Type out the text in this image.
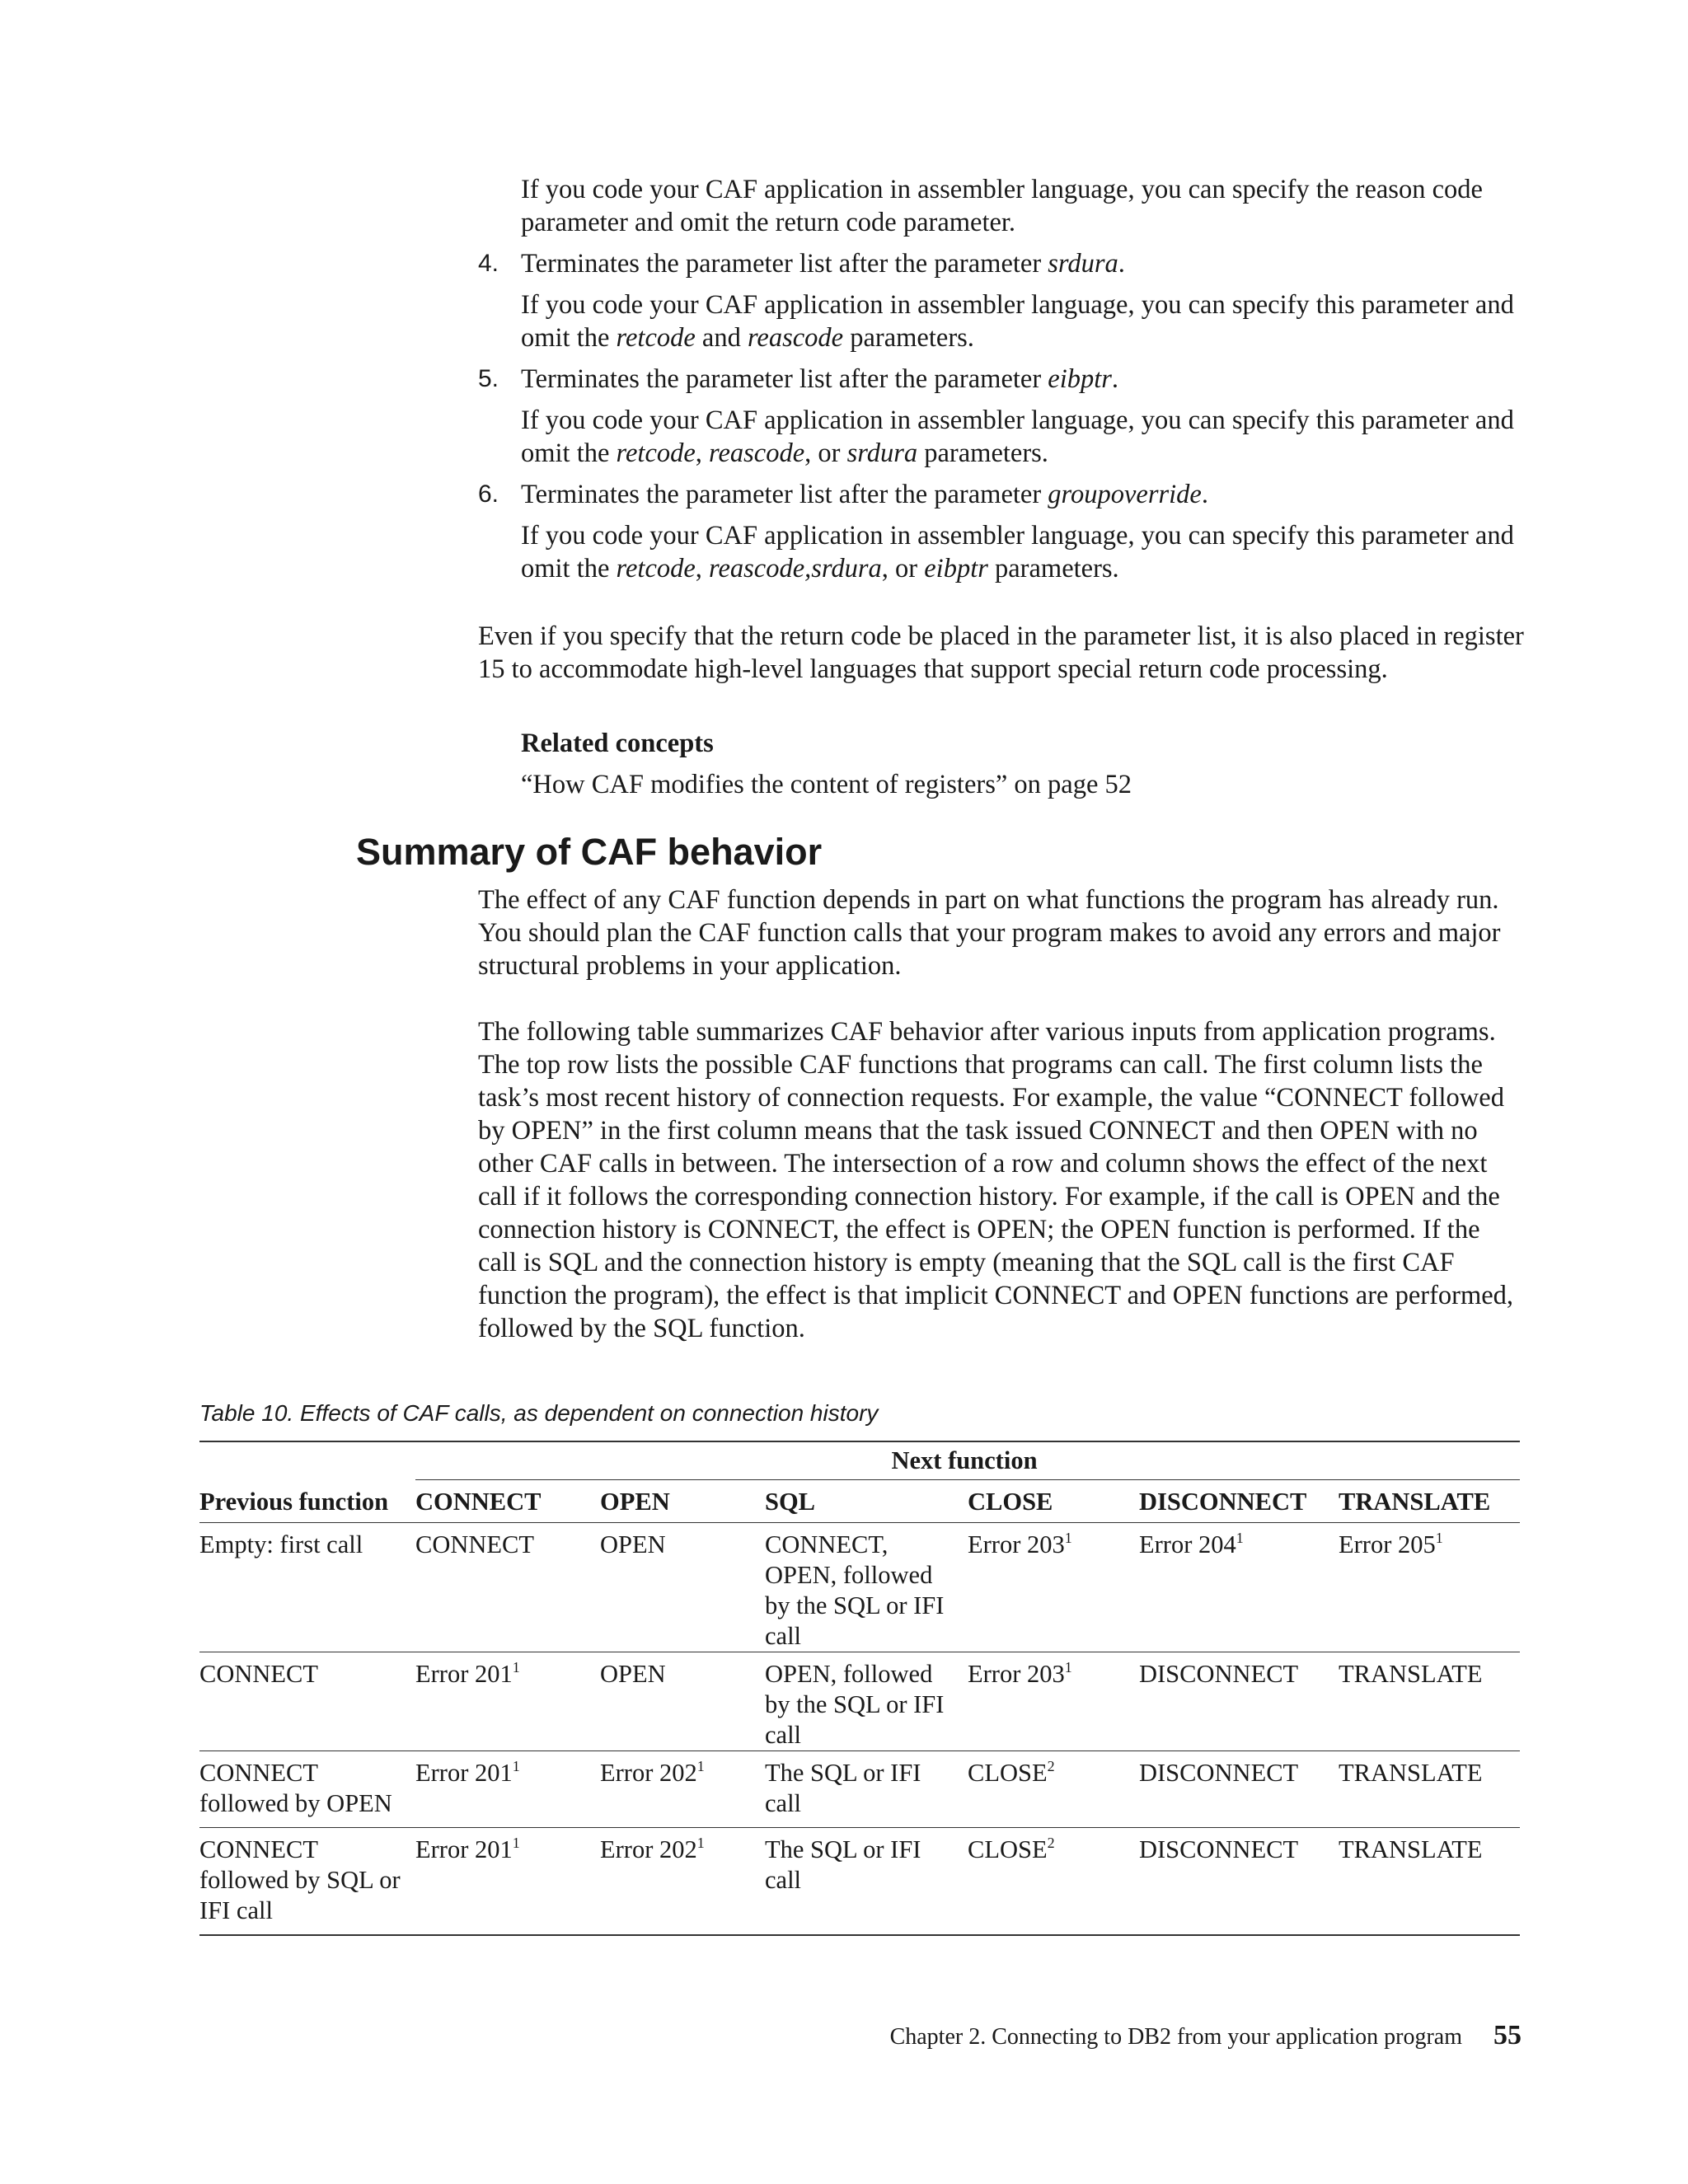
If you code your CAF application in assembler language, you can specify the reason code parameter and omit the return code parameter.

4. Terminates the parameter list after the parameter srdura.

If you code your CAF application in assembler language, you can specify this parameter and omit the retcode and reascode parameters.

5. Terminates the parameter list after the parameter eibptr.

If you code your CAF application in assembler language, you can specify this parameter and omit the retcode, reascode, or srdura parameters.

6. Terminates the parameter list after the parameter groupoverride.

If you code your CAF application in assembler language, you can specify this parameter and omit the retcode, reascode,srdura, or eibptr parameters.

Even if you specify that the return code be placed in the parameter list, it is also placed in register 15 to accommodate high-level languages that support special return code processing.

Related concepts

“How CAF modifies the content of registers” on page 52

Summary of CAF behavior

The effect of any CAF function depends in part on what functions the program has already run. You should plan the CAF function calls that your program makes to avoid any errors and major structural problems in your application.

The following table summarizes CAF behavior after various inputs from application programs. The top row lists the possible CAF functions that programs can call. The first column lists the task’s most recent history of connection requests. For example, the value “CONNECT followed by OPEN” in the first column means that the task issued CONNECT and then OPEN with no other CAF calls in between. The intersection of a row and column shows the effect of the next call if it follows the corresponding connection history. For example, if the call is OPEN and the connection history is CONNECT, the effect is OPEN; the OPEN function is performed. If the call is SQL and the connection history is empty (meaning that the SQL call is the first CAF function the program), the effect is that implicit CONNECT and OPEN functions are performed, followed by the SQL function.

Table 10. Effects of CAF calls, as dependent on connection history
Previous function	Next function					
	CONNECT	OPEN	SQL	CLOSE	DISCONNECT	TRANSLATE
Empty: first call	CONNECT	OPEN	CONNECT, OPEN, followed by the SQL or IFI call	Error $203^1$	Error $204^1$	Error $205^1$
CONNECT	Error $201^1$	OPEN	OPEN, followed by the SQL or IFI call	Error $203^1$	DISCONNECT	TRANSLATE
CONNECT followed by OPEN	Error $201^1$	Error $202^1$	The SQL or IFI call	CLOSE$^2$	DISCONNECT	TRANSLATE
CONNECT followed by SQL or IFI call	Error $201^1$	Error $202^1$	The SQL or IFI call	CLOSE$^2$	DISCONNECT	TRANSLATE
Chapter 2. Connecting to DB2 from your application program 55
